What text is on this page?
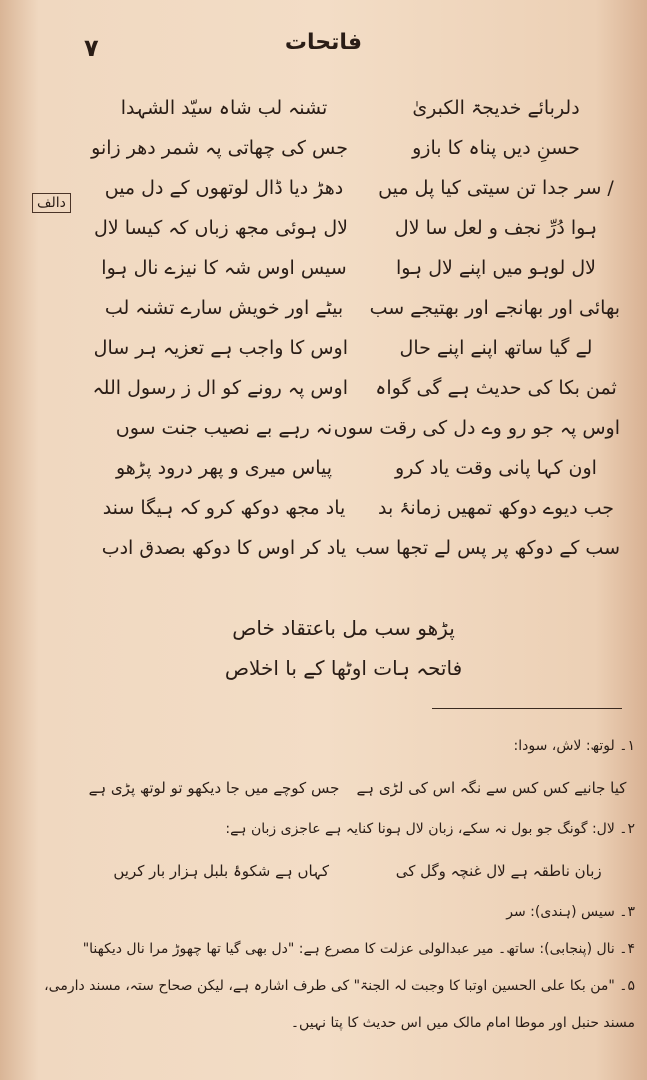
فاتحات
۷
دالف
دلربائے خدیجۃ الکبریٰ
تشنہ لب شاہ سیّد الشہدا
حسنِ دیں پناہ کا بازو
جس کی چھاتی پہ شمر دھر زانو
/ سر جدا تن سیتی کیا پل میں
دھڑ دیا ڈال لوتھوں کے دل میں
ہوا دُرِّ نجف و لعل سا لال
لال ہوئی مجھ زباں کہ کیسا لال
لال لوہو میں اپنے لال ہوا
سیس اوس شہ کا نیزے نال ہوا
بھائی اور بھانجے اور بھتیجے سب
بیٹے اور خویش سارے تشنہ لب
لے گیا ساتھ اپنے اپنے حال
اوس کا واجب ہے تعزیہ ہر سال
ثمن بکا کی حدیث ہے گی گواہ
اوس پہ رونے کو ال ز رسول اللہ
اوس پہ جو رو وے دل کی رقت سوں
نہ رہے بے نصیب جنت سوں
اون کہا پانی وقت یاد کرو
پیاس میری و پھر درود پڑھو
جب دیوے دوکھ تمھیں زمانۂ بد
یاد مجھ دوکھ کرو کہ ہیگا سند
سب کے دوکھ پر پس لے تجھا سب
یاد کر اوس کا دوکھ بصدق ادب
پڑھو سب مل باعتقاد خاص
فاتحہ ہات اوٹھا کے با اخلاص
۱۔ لوتھ: لاش، سودا:
کیا جانیے کس کس سے نگہ اس کی لڑی ہے
جس کوچے میں جا دیکھو تو لوتھ پڑی ہے
۲۔ لال: گونگ جو بول نہ سکے، زبان لال ہونا کنایہ ہے عاجزی زبان ہے:
زبان ناطقہ ہے لال غنچہ وگل کی
کہاں ہے شکوۂ بلبل ہزار بار کریں
۳۔ سیس (ہندی): سر
۴۔ نال (پنجابی): ساتھ۔ میر عبدالولی عزلت کا مصرع ہے: "دل بھی گیا تھا چھوڑ مرا نال دیکھنا"
۵۔ "من بکا علی الحسین اوتبا کا وجبت لہ الجنۃ" کی طرف اشارہ ہے، لیکن صحاح ستہ، مسند دارمی،
مسند حنبل اور موطا امام مالک میں اس حدیث کا پتا نہیں۔
